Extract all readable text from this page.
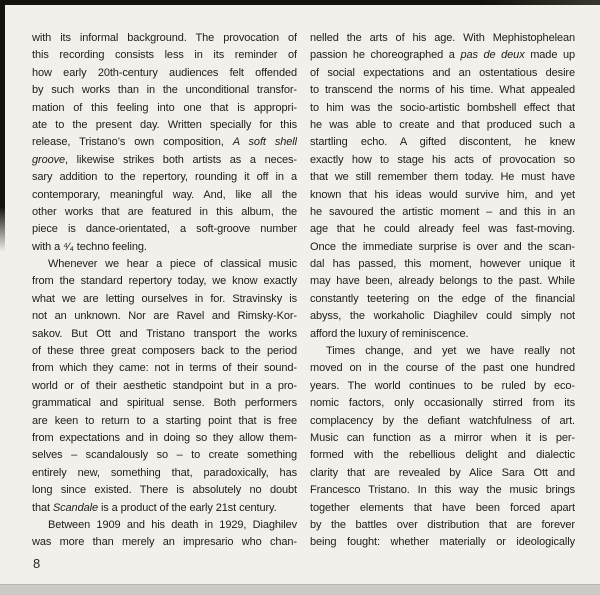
with its informal background. The provocation of
this recording consists less in its reminder of
how early 20th-century audiences felt offended
by such works than in the unconditional transfor-
mation of this feeling into one that is appropri-
ate to the present day. Written specially for this
release, Tristano’s own composition, A soft shell
groove, likewise strikes both artists as a neces-
sary addition to the repertory, rounding it off in a
contemporary, meaningful way. And, like all the
other works that are featured in this album, the
piece is dance-orientated, a soft-groove number
with a ⁴⁄₄ techno feeling.
Whenever we hear a piece of classical music
from the standard repertory today, we know exactly
what we are letting ourselves in for. Stravinsky is
not an unknown. Nor are Ravel and Rimsky-Kor-
sakov. But Ott and Tristano transport the works
of these three great composers back to the period
from which they came: not in terms of their sound-
world or of their aesthetic standpoint but in a pro-
grammatical and spiritual sense. Both performers
are keen to return to a starting point that is free
from expectations and in doing so they allow them-
selves – scandalously so – to create something
entirely new, something that, paradoxically, has
long since existed. There is absolutely no doubt
that Scandale is a product of the early 21st century.
Between 1909 and his death in 1929, Diaghilev
was more than merely an impresario who chan-
nelled the arts of his age. With Mephistophelean
passion he choreographed a pas de deux made up
of social expectations and an ostentatious desire
to transcend the norms of his time. What appealed
to him was the socio-artistic bombshell effect that
he was able to create and that produced such a
startling echo. A gifted discontent, he knew
exactly how to stage his acts of provocation so
that we still remember them today. He must have
known that his ideas would survive him, and yet
he savoured the artistic moment – and this in an
age that he could already feel was fast-moving.
Once the immediate surprise is over and the scan-
dal has passed, this moment, however unique it
may have been, already belongs to the past. While
constantly teetering on the edge of the financial
abyss, the workaholic Diaghilev could simply not
afford the luxury of reminiscence.
Times change, and yet we have really not
moved on in the course of the past one hundred
years. The world continues to be ruled by eco-
nomic factors, only occasionally stirred from its
complacency by the defiant watchfulness of art.
Music can function as a mirror when it is per-
formed with the rebellious delight and dialectic
clarity that are revealed by Alice Sara Ott and
Francesco Tristano. In this way the music brings
together elements that have been forced apart
by the battles over distribution that are forever
being fought: whether materially or ideologically
8
